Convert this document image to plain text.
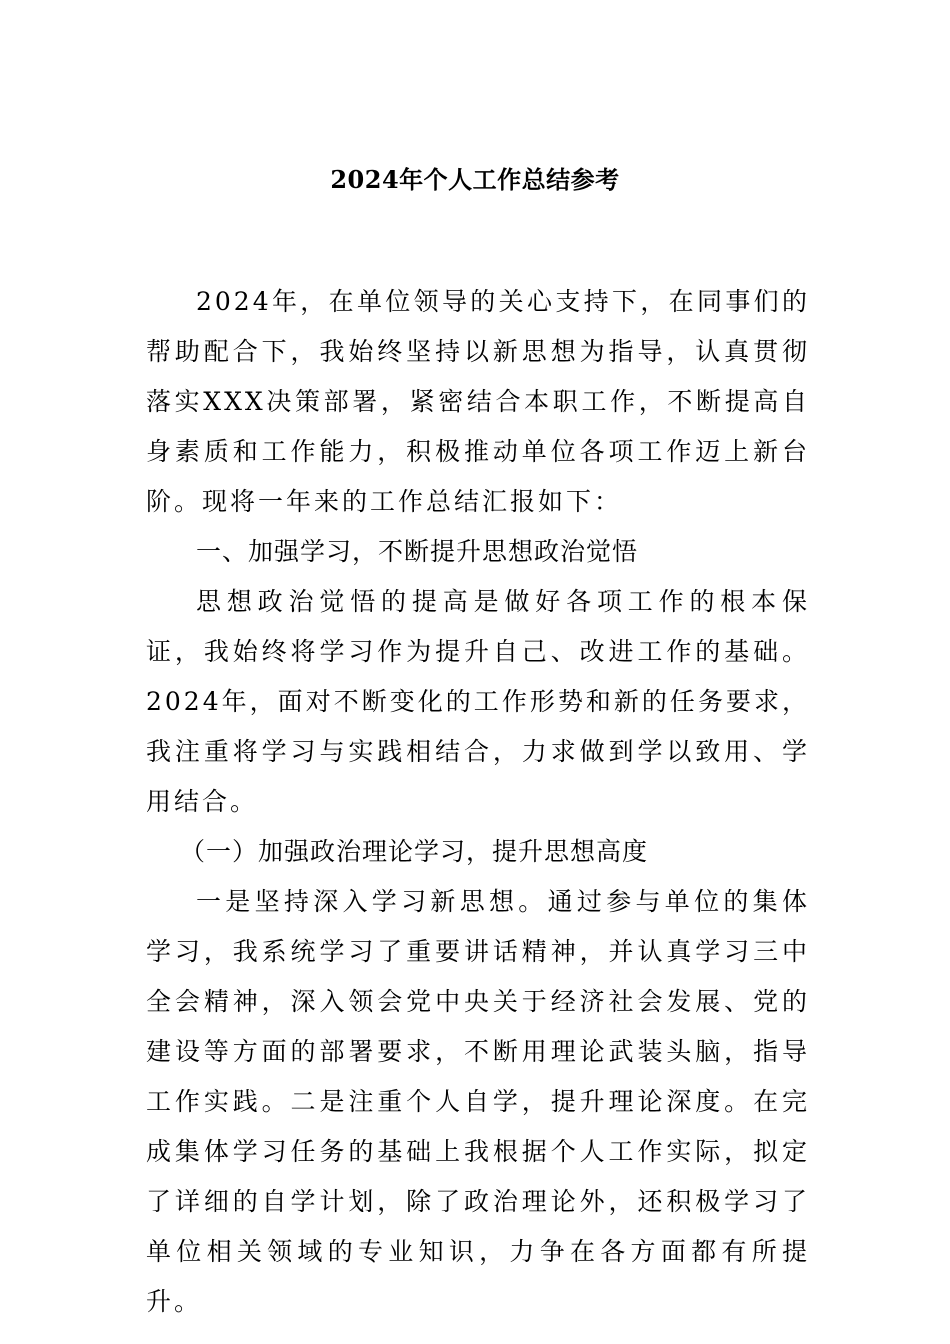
2024年个人工作总结参考

2024年，在单位领导的关心支持下，在同事们的帮助配合下，我始终坚持以新思想为指导，认真贯彻落实XXX决策部署，紧密结合本职工作，不断提高自身素质和工作能力，积极推动单位各项工作迈上新台阶。现将一年来的工作总结汇报如下：

一、加强学习，不断提升思想政治觉悟

思想政治觉悟的提高是做好各项工作的根本保证，我始终将学习作为提升自己、改进工作的基础。2024年，面对不断变化的工作形势和新的任务要求，我注重将学习与实践相结合，力求做到学以致用、学用结合。

（一）加强政治理论学习，提升思想高度

一是坚持深入学习新思想。通过参与单位的集体学习，我系统学习了重要讲话精神，并认真学习三中全会精神，深入领会党中央关于经济社会发展、党的建设等方面的部署要求，不断用理论武装头脑，指导工作实践。二是注重个人自学，提升理论深度。在完成集体学习任务的基础上我根据个人工作实际，拟定了详细的自学计划，除了政治理论外，还积极学习了单位相关领域的专业知识，力争在各方面都有所提升。
